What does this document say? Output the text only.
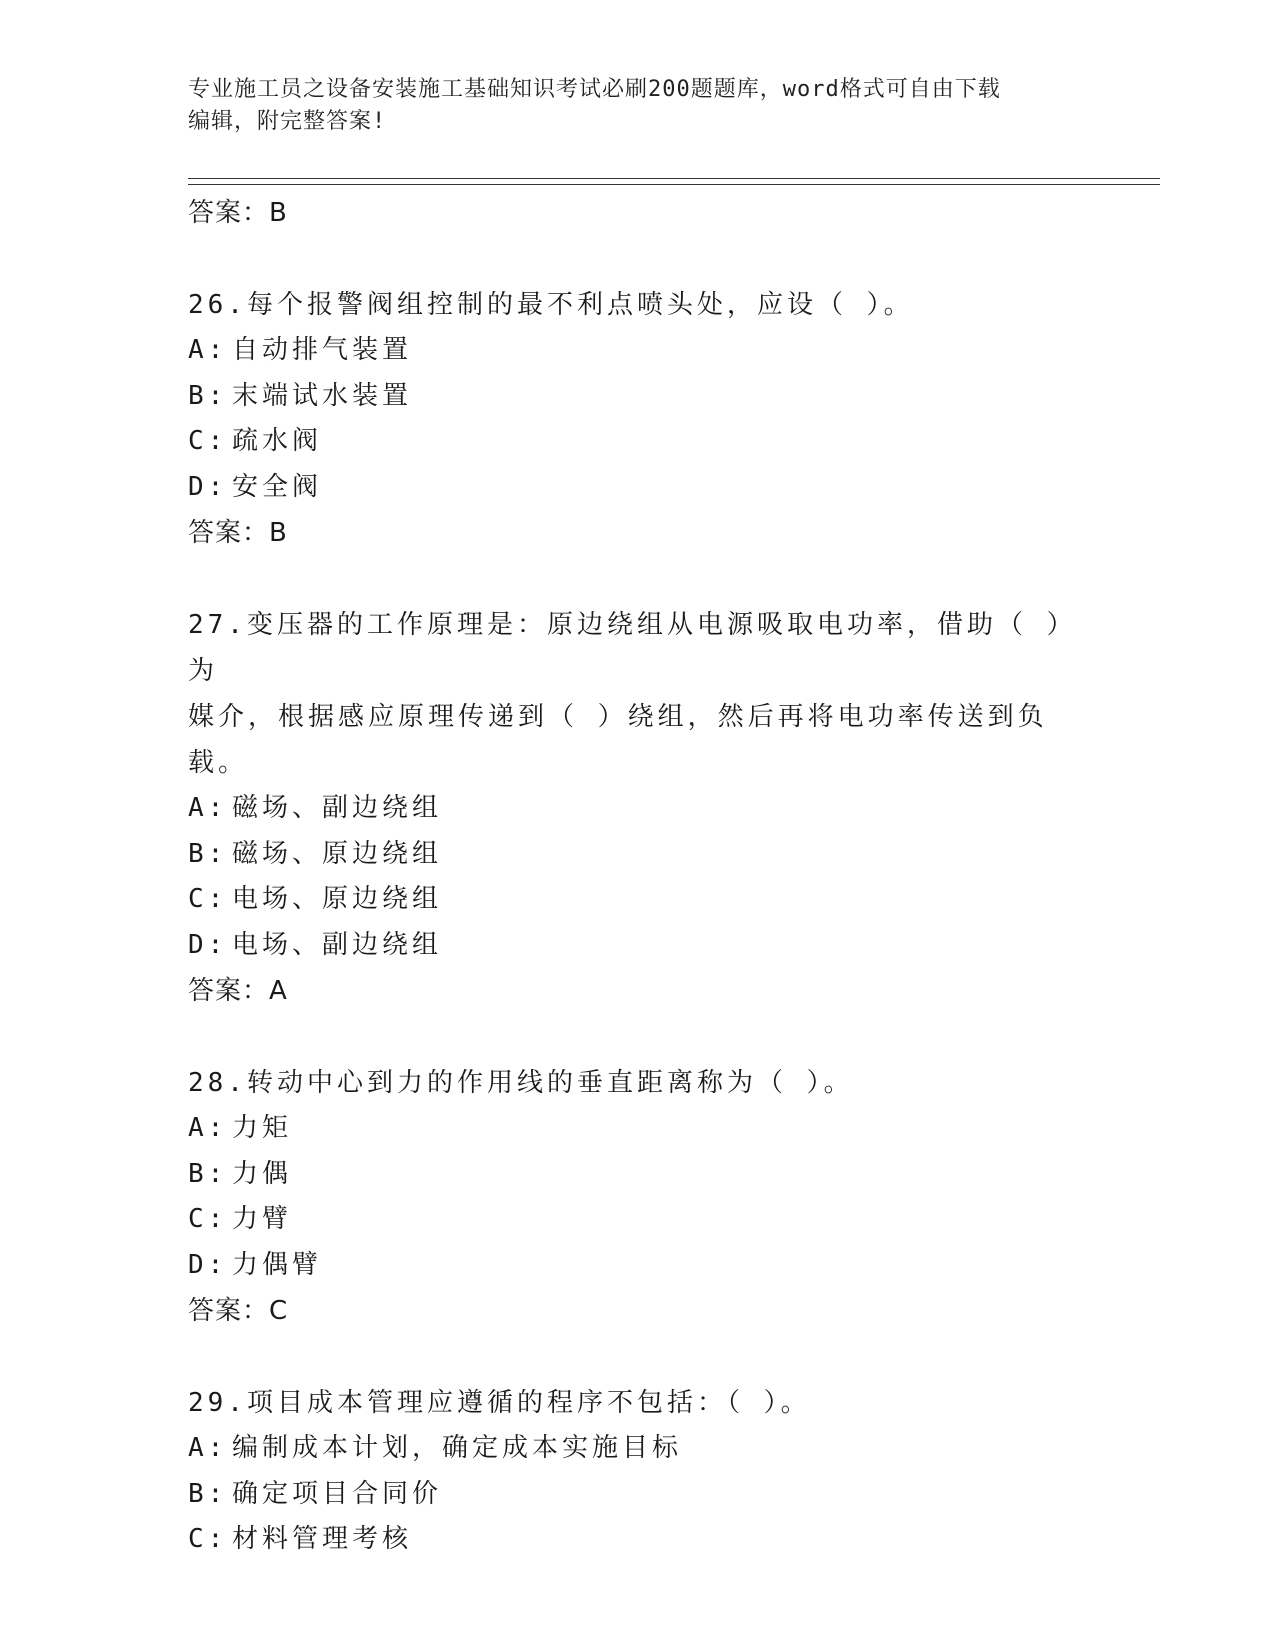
专业施工员之设备安装施工基础知识考试必刷200题题库，word格式可自由下载
编辑，附完整答案!
答案：B
26.每个报警阀组控制的最不利点喷头处，应设（ ）。
A: 自动排气装置
B: 末端试水装置
C: 疏水阀
D: 安全阀
答案：B
27.变压器的工作原理是：原边绕组从电源吸取电功率，借助（ ）为
媒介，根据感应原理传递到（ ）绕组，然后再将电功率传送到负载。
A: 磁场、副边绕组
B: 磁场、原边绕组
C: 电场、原边绕组
D: 电场、副边绕组
答案：A
28.转动中心到力的作用线的垂直距离称为（ ）。
A: 力矩
B: 力偶
C: 力臂
D: 力偶臂
答案：C
29.项目成本管理应遵循的程序不包括：（ ）。
A: 编制成本计划，确定成本实施目标
B: 确定项目合同价
C: 材料管理考核
